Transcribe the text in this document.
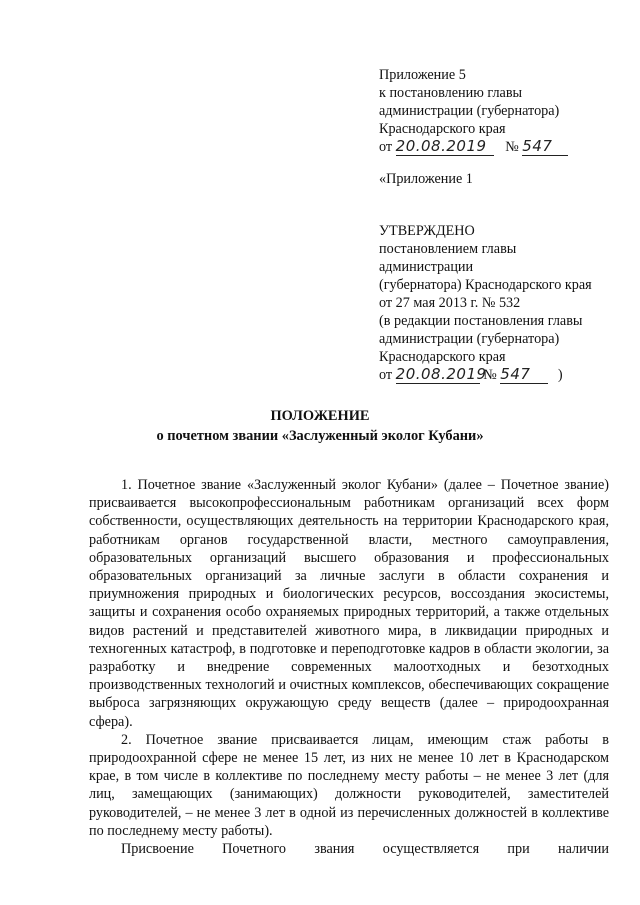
Приложение 5
к постановлению главы
администрации (губернатора)
Краснодарского края
от 20.08.2019 № 547
«Приложение 1
УТВЕРЖДЕНО
постановлением главы
администрации
(губернатора) Краснодарского края
от 27 мая 2013 г. № 532
(в редакции постановления главы
администрации (губернатора)
Краснодарского края
от 20.08.2019 № 547 )
ПОЛОЖЕНИЕ
о почетном звании «Заслуженный эколог Кубани»

1. Почетное звание «Заслуженный эколог Кубани» (далее – Почетное звание) присваивается высокопрофессиональным работникам организаций всех форм собственности, осуществляющих деятельность на территории Краснодарского края, работникам органов государственной власти, местного самоуправления, образовательных организаций высшего образования и профессиональных образовательных организаций за личные заслуги в области сохранения и приумножения природных и биологических ресурсов, воссоздания экосистемы, защиты и сохранения особо охраняемых природных территорий, а также отдельных видов растений и представителей животного мира, в ликвидации природных и техногенных катастроф, в подготовке и переподготовке кадров в области экологии, за разработку и внедрение современных малоотходных и безотходных производственных технологий и очистных комплексов, обеспечивающих сокращение выброса загрязняющих окружающую среду веществ (далее – природоохранная сфера).

2. Почетное звание присваивается лицам, имеющим стаж работы в природоохранной сфере не менее 15 лет, из них не менее 10 лет в Краснодарском крае, в том числе в коллективе по последнему месту работы – не менее 3 лет (для лиц, замещающих (занимающих) должности руководителей, заместителей руководителей, – не менее 3 лет в одной из перечисленных должностей в коллективе по последнему месту работы).

Присвоение Почетного звания осуществляется при наличии
